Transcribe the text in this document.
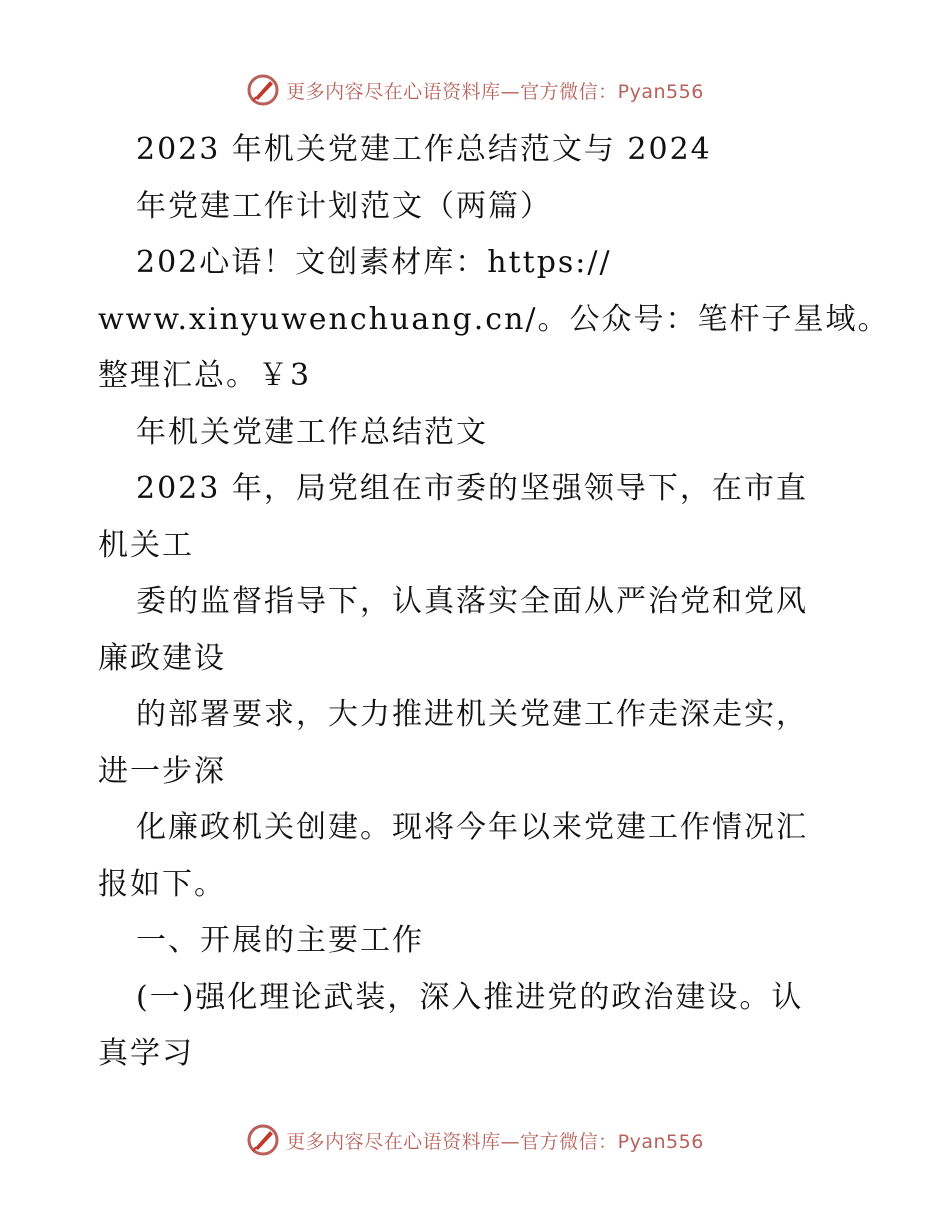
更多内容尽在心语资料库—官方微信：Pyan556
2023 年机关党建工作总结范文与 2024
年党建工作计划范文（两篇）
202心语！文创素材库：https://
www.xinyuwenchuang.cn/。公众号：笔杆子星域。
整理汇总。￥3
年机关党建工作总结范文
2023 年，局党组在市委的坚强领导下，在市直
机关工
委的监督指导下，认真落实全面从严治党和党风
廉政建设
的部署要求，大力推进机关党建工作走深走实，
进一步深
化廉政机关创建。现将今年以来党建工作情况汇
报如下。
一、开展的主要工作
(一)强化理论武装，深入推进党的政治建设。认
真学习
更多内容尽在心语资料库—官方微信：Pyan556
